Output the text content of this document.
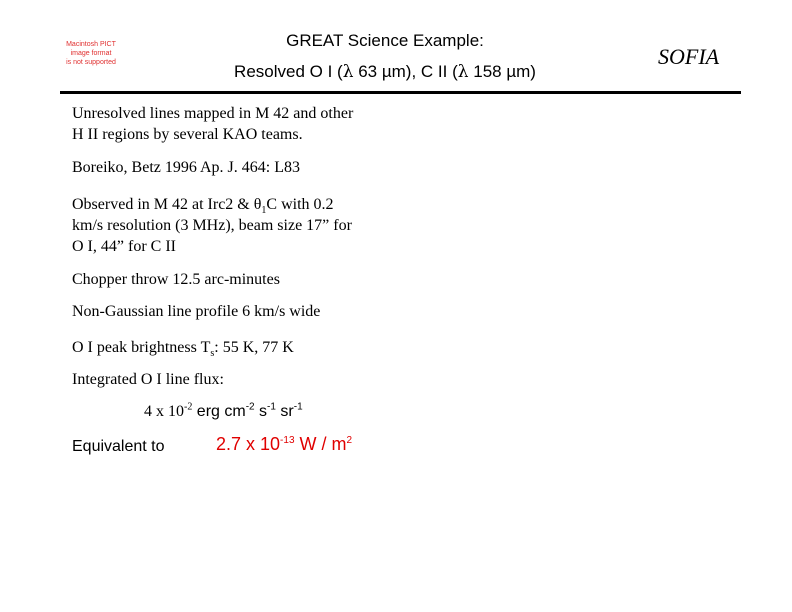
Macintosh PICT
image format
is not supported
GREAT Science Example:
Resolved O I (λ 63 µm), C II (λ 158 µm)
SOFIA
Unresolved lines mapped in M 42 and other
H II regions by several KAO teams.
Boreiko, Betz 1996 Ap. J. 464: L83
Observed in M 42 at Irc2 & $\theta_1C$ with 0.2
km/s resolution (3 MHz), beam size 17” for
O I, 44” for C II
Chopper throw 12.5 arc-minutes
Non-Gaussian line profile 6 km/s wide
O I peak brightness $T_s$: 55 K, 77 K
Integrated O I line flux:
4 x $10^{-2}$ erg $cm^{-2}$ $s^{-1}$ $sr^{-1}$
Equivalent to	2.7 x $10^{-13}$ W / $m^2$
